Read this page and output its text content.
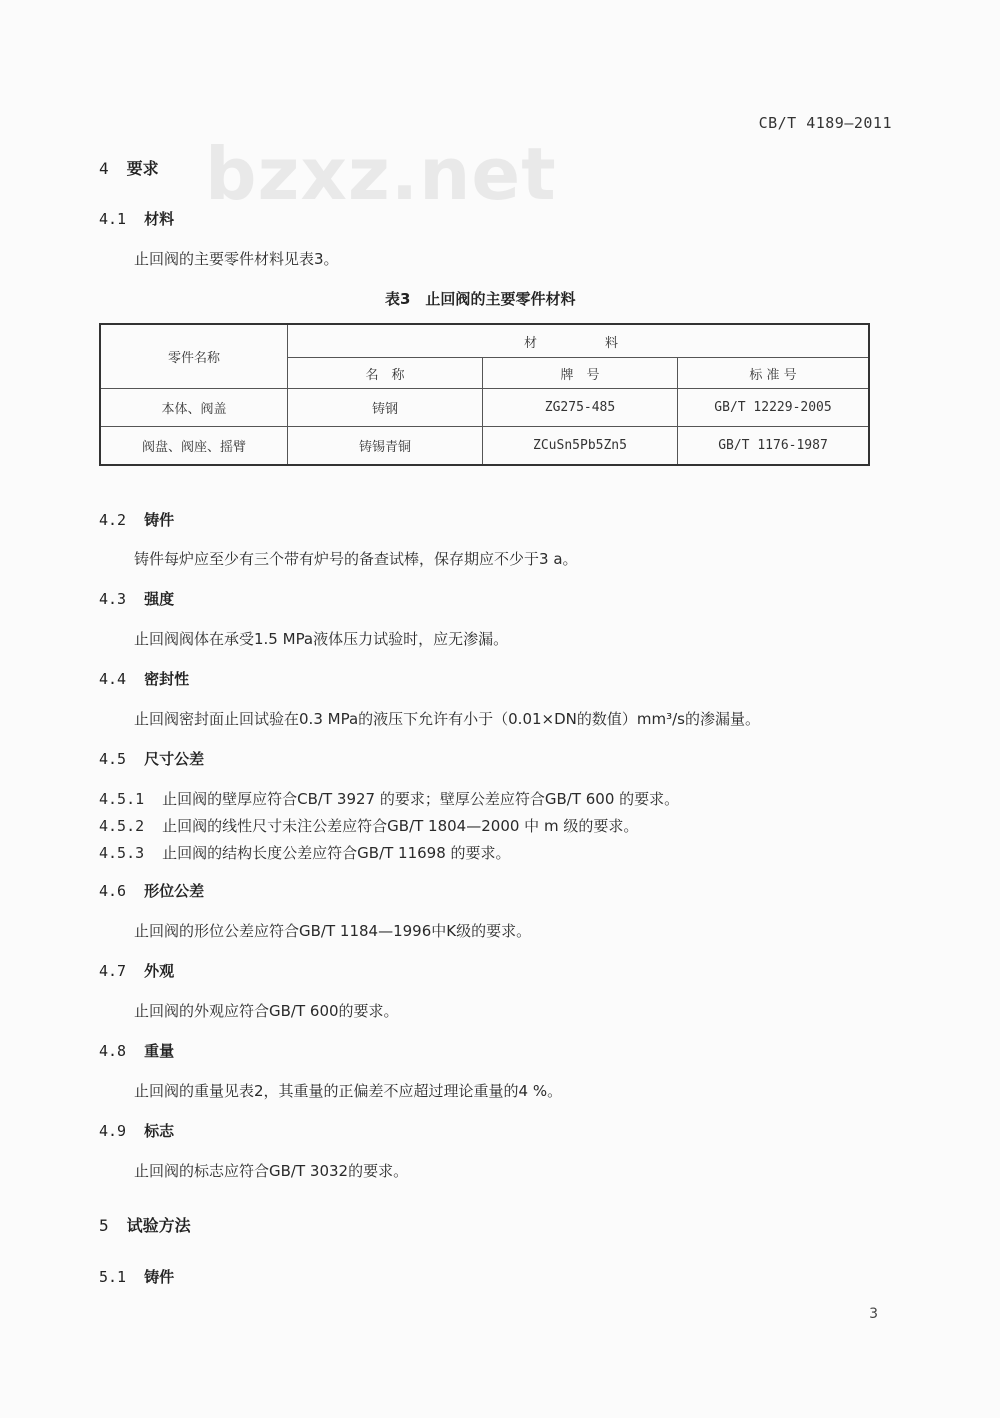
CB/T 4189—2011
bzxz.net
4 要求
4.1 材料
止回阀的主要零件材料见表3。
表3　止回阀的主要零件材料
零件名称	材　　料		
	名　称	牌　号	标 准 号
本体、阀盖	铸钢	ZG275-485	GB/T 12229-2005
阀盘、阀座、摇臂	铸锡青铜	ZCuSn5Pb5Zn5	GB/T 1176-1987
4.2 铸件
铸件每炉应至少有三个带有炉号的备查试棒，保存期应不少于3 a。
4.3 强度
止回阀阀体在承受1.5 MPa液体压力试验时，应无渗漏。
4.4 密封性
止回阀密封面止回试验在0.3 MPa的液压下允许有小于（0.01×DN的数值）mm³/s的渗漏量。
4.5 尺寸公差
4.5.1 止回阀的壁厚应符合CB/T 3927 的要求；壁厚公差应符合GB/T 600 的要求。
4.5.2 止回阀的线性尺寸未注公差应符合GB/T 1804—2000 中 m 级的要求。
4.5.3 止回阀的结构长度公差应符合GB/T 11698 的要求。
4.6 形位公差
止回阀的形位公差应符合GB/T 1184—1996中K级的要求。
4.7 外观
止回阀的外观应符合GB/T 600的要求。
4.8 重量
止回阀的重量见表2，其重量的正偏差不应超过理论重量的4 %。
4.9 标志
止回阀的标志应符合GB/T 3032的要求。
5 试验方法
5.1 铸件
3
